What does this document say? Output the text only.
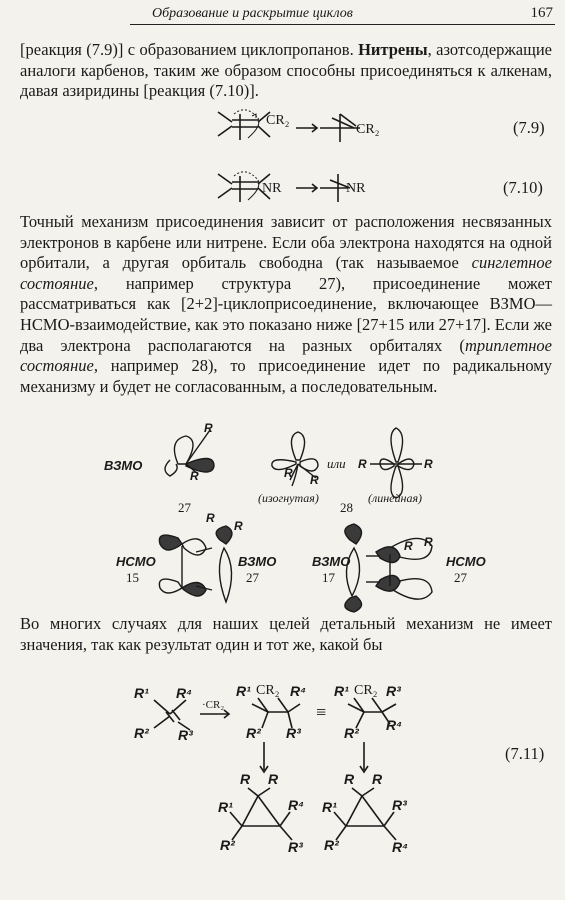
Образование и раскрытие циклов	167

[реакция (7.9)] с образованием циклопропанов. Нитрены, азотсодержащие аналоги карбенов, таким же образом способны присоединяться к алкенам, давая азиридины [реакция (7.10)].

CR₂
CR₂
NR	NR
ВЗМО
27
или
R R
R	R
(изогнутая)
28
(линейная)
R
R
НСМО
15
ВЗМО
27
R
R
ВЗМО
17
НСМО
27
R R
R¹ R⁴
R² R³
·CR₂
R¹ CR₂ R⁴
R² R³
≡
R¹ CR₂ R³
R² R⁴
R R
R¹	R⁴
R²	R³
R R
R¹	R³
R²	R⁴
(7.9)
(7.10)

Точный механизм присоединения зависит от расположения несвязанных электронов в карбене или нитрене. Если оба электрона находятся на одной орбитали, а другая орбиталь свободна (так называемое синглетное состояние, например структура 27), присоединение может рассматриваться как [2+2]-циклоприсоединение, включающее ВЗМО—НСМО-взаимодействие, как это показано ниже [27+15 или 27+17]. Если же два электрона располагаются на разных орбиталях (триплетное состояние, например 28), то присоединение идет по радикальному механизму и будет не согласованным, а последовательным.

Во многих случаях для наших целей детальный механизм не имеет значения, так как результат один и тот же, какой бы

(7.11)
